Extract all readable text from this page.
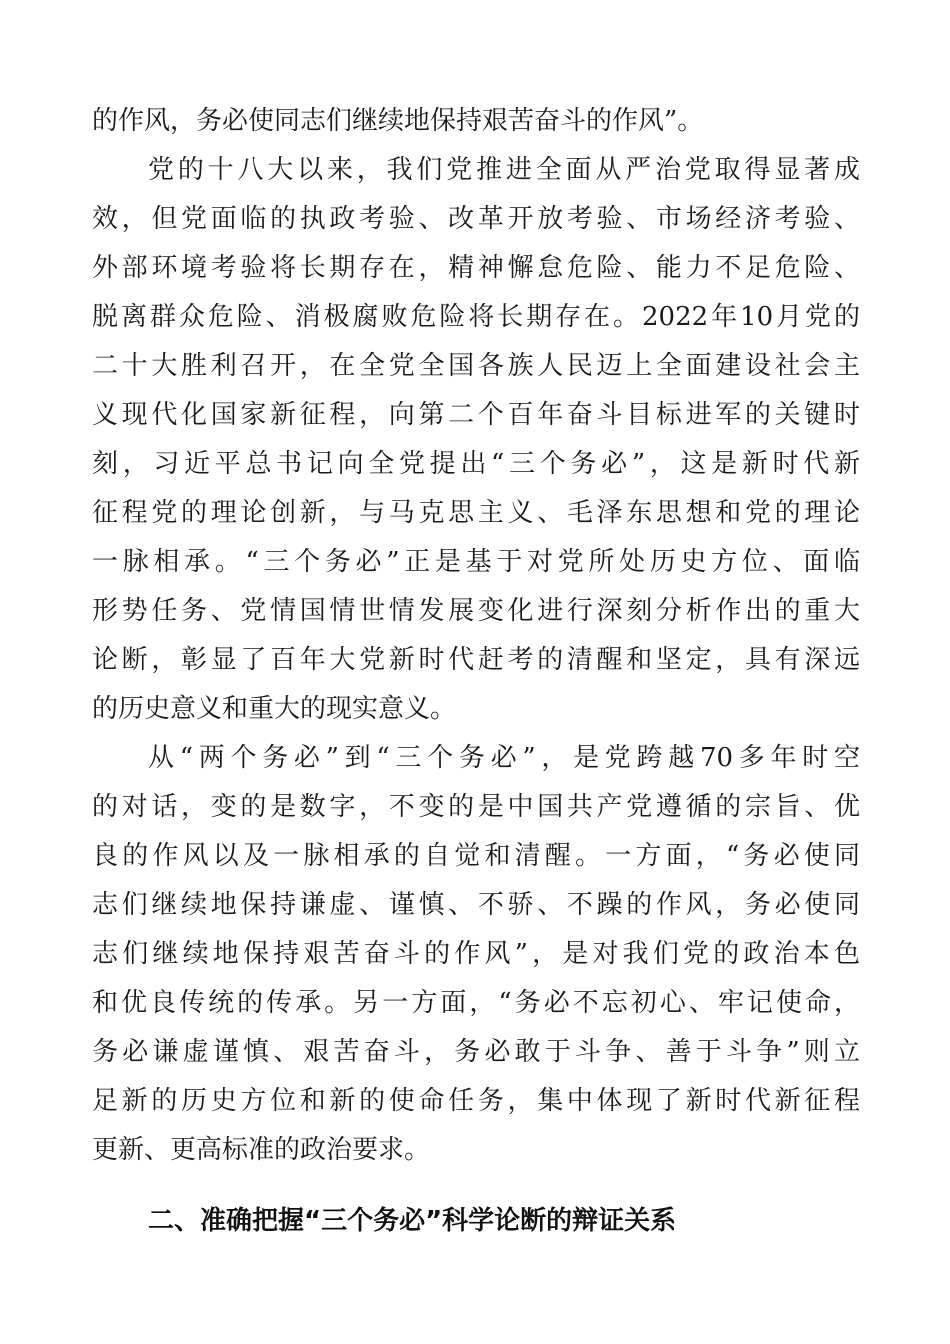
的作风，务必使同志们继续地保持艰苦奋斗的作风”。
党的十八大以来，我们党推进全面从严治党取得显著成
效，但党面临的执政考验、改革开放考验、市场经济考验、
外部环境考验将长期存在，精神懈怠危险、能力不足危险、
脱离群众危险、消极腐败危险将长期存在。2022年10月党的
二十大胜利召开，在全党全国各族人民迈上全面建设社会主
义现代化国家新征程，向第二个百年奋斗目标进军的关键时
刻，习近平总书记向全党提出“三个务必”，这是新时代新
征程党的理论创新，与马克思主义、毛泽东思想和党的理论
一脉相承。“三个务必”正是基于对党所处历史方位、面临
形势任务、党情国情世情发展变化进行深刻分析作出的重大
论断，彰显了百年大党新时代赶考的清醒和坚定，具有深远
的历史意义和重大的现实意义。
从“两个务必”到“三个务必”，是党跨越70多年时空
的对话，变的是数字，不变的是中国共产党遵循的宗旨、优
良的作风以及一脉相承的自觉和清醒。一方面，“务必使同
志们继续地保持谦虚、谨慎、不骄、不躁的作风，务必使同
志们继续地保持艰苦奋斗的作风”，是对我们党的政治本色
和优良传统的传承。另一方面，“务必不忘初心、牢记使命，
务必谦虚谨慎、艰苦奋斗，务必敢于斗争、善于斗争”则立
足新的历史方位和新的使命任务，集中体现了新时代新征程
更新、更高标准的政治要求。
二、准确把握“三个务必”科学论断的辩证关系
